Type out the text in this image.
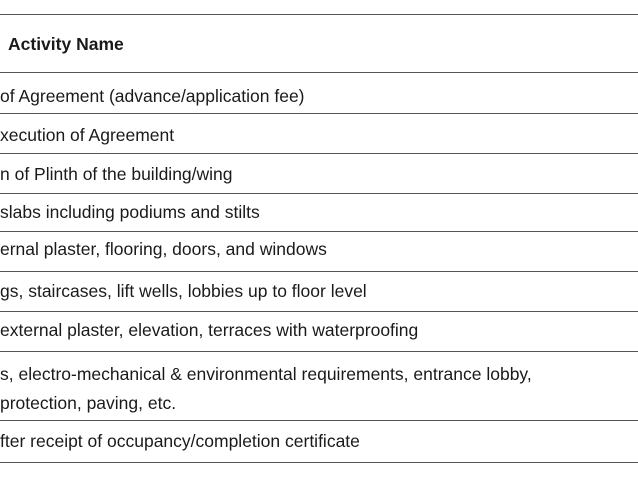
Activity Name
of Agreement (advance/application fee)
xecution of Agreement
n of Plinth of the building/wing
slabs including podiums and stilts
ernal plaster, flooring, doors, and windows
gs, staircases, lift wells, lobbies up to floor level
external plaster, elevation, terraces with waterproofing
s, electro-mechanical & environmental requirements, entrance lobby,
protection, paving, etc.
fter receipt of occupancy/completion certificate
